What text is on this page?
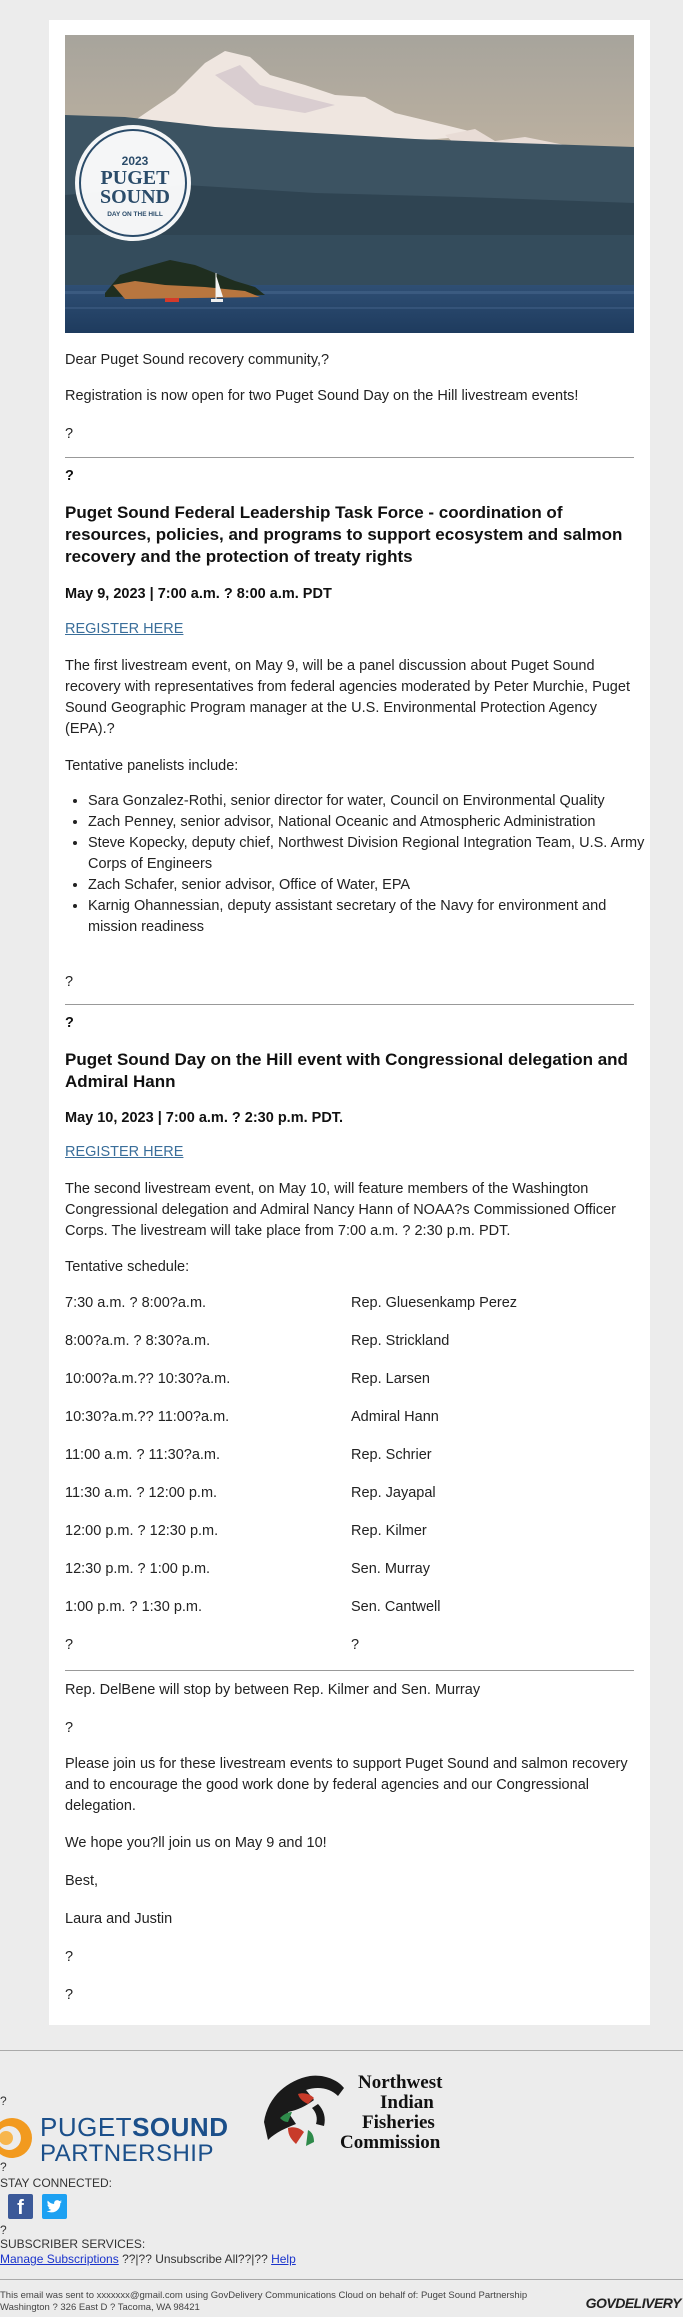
2023
PUGET
SOUND
DAY ON THE HILL
Dear Puget Sound recovery community,?
Registration is now open for two Puget Sound Day on the Hill livestream events!
?
?
Puget Sound Federal Leadership Task Force - coordination of resources, policies, and programs to support ecosystem and salmon recovery and the protection of treaty rights
May 9, 2023 | 7:00 a.m. ? 8:00 a.m. PDT
REGISTER HERE
The first livestream event, on May 9, will be a panel discussion about Puget Sound recovery with representatives from federal agencies moderated by Peter Murchie, Puget Sound Geographic Program manager at the U.S. Environmental Protection Agency (EPA).?
Tentative panelists include:
• Sara Gonzalez-Rothi, senior director for water, Council on Environmental Quality
• Zach Penney, senior advisor, National Oceanic and Atmospheric Administration
• Steve Kopecky, deputy chief, Northwest Division Regional Integration Team, U.S. Army Corps of Engineers
• Zach Schafer, senior advisor, Office of Water, EPA
• Karnig Ohannessian, deputy assistant secretary of the Navy for environment and mission readiness
?
?
Puget Sound Day on the Hill event with Congressional delegation and Admiral Hann
May 10, 2023 | 7:00 a.m. ? 2:30 p.m. PDT.
REGISTER HERE
The second livestream event, on May 10, will feature members of the Washington Congressional delegation and Admiral Nancy Hann of NOAA?s Commissioned Officer Corps. The livestream will take place from 7:00 a.m. ? 2:30 p.m. PDT.
Tentative schedule:
7:30 a.m. ? 8:00?a.m.	Rep. Gluesenkamp Perez
8:00?a.m. ? 8:30?a.m.	Rep. Strickland
10:00?a.m.?? 10:30?a.m.	Rep. Larsen
10:30?a.m.?? 11:00?a.m.	Admiral Hann
11:00 a.m. ? 11:30?a.m.	Rep. Schrier
11:30 a.m. ? 12:00 p.m.	Rep. Jayapal
12:00 p.m. ? 12:30 p.m.	Rep. Kilmer
12:30 p.m. ? 1:00 p.m.	Sen. Murray
1:00 p.m. ? 1:30 p.m.	Sen. Cantwell
?	?
Rep. DelBene will stop by between Rep. Kilmer and Sen. Murray
?
Please join us for these livestream events to support Puget Sound and salmon recovery and to encourage the good work done by federal agencies and our Congressional delegation.
We hope you?ll join us on May 9 and 10!
Best,
Laura and Justin
?
?
?
PUGETSOUND
PARTNERSHIP
Northwest
Indian
Fisheries
Commission
?
STAY CONNECTED:
f
?
SUBSCRIBER SERVICES:
Manage Subscriptions ??|?? Unsubscribe All??|?? Help
This email was sent to xxxxxxx@gmail.com using GovDelivery Communications Cloud on behalf of: Puget Sound Partnership
Washington ? 326 East D ? Tacoma, WA 98421	GOVDELIVERY
